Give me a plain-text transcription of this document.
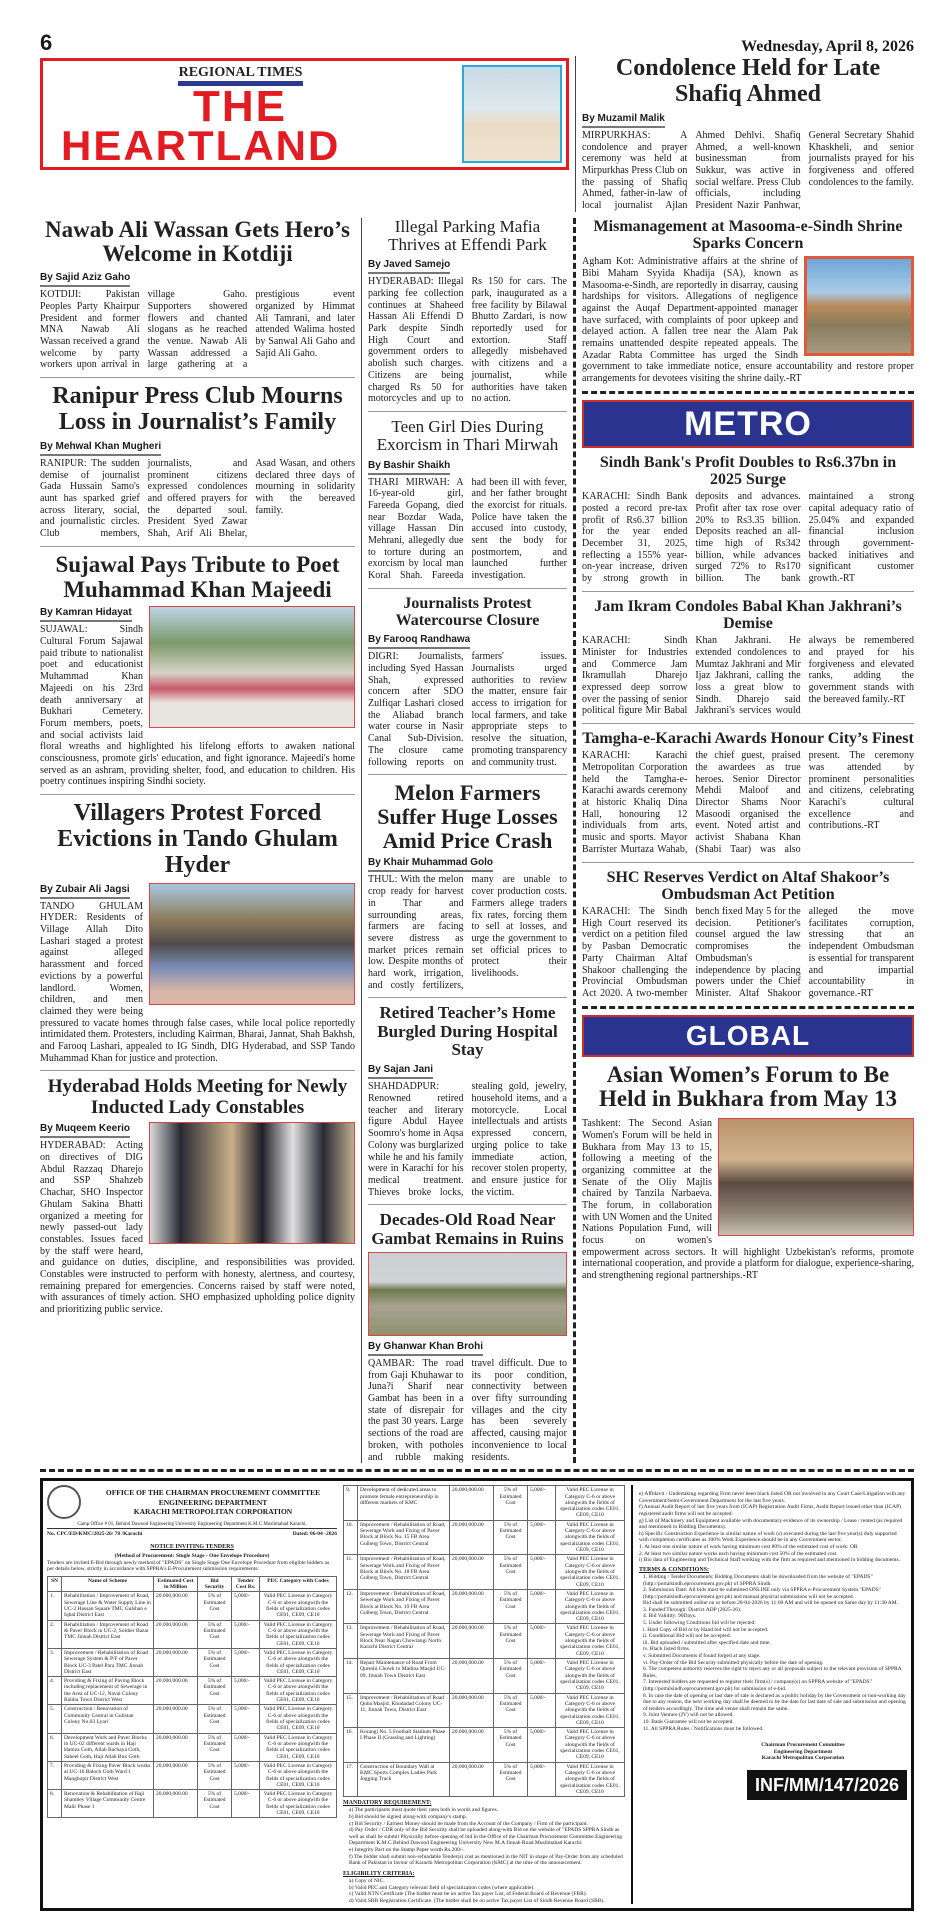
6	Wednesday, April 8, 2026
REGIONAL TIMES
THE
HEARTLAND
Condolence Held for Late Shafiq Ahmed
By Muzamil Malik
MIRPURKHAS: A condolence and prayer ceremony was held at Mirpurkhas Press Club on the passing of Shafiq Ahmed, father-in-law of local journalist Ajlan Ahmed Dehlvi. Shafiq Ahmed, a well-known businessman from Sukkur, was active in social welfare. Press Club officials, including President Nazir Panhwar, General Secretary Shahid Khaskheli, and senior journalists prayed for his forgiveness and offered condolences to the family.
Nawab Ali Wassan Gets Hero’s Welcome in Kotdiji
By Sajid Aziz Gaho
KOTDIJI: Pakistan Peoples Party Khairpur President and former MNA Nawab Ali Wassan received a grand welcome by party workers upon arrival in village Gaho. Supporters showered flowers and chanted slogans as he reached the venue. Nawab Ali Wassan addressed a large gathering at a prestigious event organized by Himmat Ali Tamrani, and later attended Walima hosted by Sanwal Ali Gaho and Sajid Ali Gaho.
Ranipur Press Club Mourns Loss in Journalist’s Family
By Mehwal Khan Mugheri
RANIPUR: The sudden demise of journalist Gada Hussain Samo's aunt has sparked grief across literary, social, and journalistic circles. Club members, journalists, and prominent citizens expressed condolences and offered prayers for the departed soul. President Syed Zawar Shah, Arif Ali Bhelar, Asad Wasan, and others declared three days of mourning in solidarity with the bereaved family.
Sujawal Pays Tribute to Poet Muhammad Khan Majeedi
By Kamran Hidayat
SUJAWAL: Sindh Cultural Forum Sajawal paid tribute to nationalist poet and educationist Muhammad Khan Majeedi on his 23rd death anniversary at Bukhari Cemetery. Forum members, poets, and social activists laid floral wreaths and highlighted his lifelong efforts to awaken national consciousness, promote girls' education, and fight ignorance. Majeedi's home served as an ashram, providing shelter, food, and education to children. His poetry continues inspiring Sindhi society.
Villagers Protest Forced Evictions in Tando Ghulam Hyder
By Zubair Ali Jagsi
TANDO GHULAM HYDER: Residents of Village Allah Dito Lashari staged a protest against alleged harassment and forced evictions by a powerful landlord. Women, children, and men claimed they were being pressured to vacate homes through false cases, while local police reportedly intimidated them. Protesters, including Kairman, Bharai, Jannat, Shah Bakhsh, and Farooq Lashari, appealed to IG Sindh, DIG Hyderabad, and SSP Tando Muhammad Khan for justice and protection.
Hyderabad Holds Meeting for Newly Inducted Lady Constables
By Muqeem Keerio
HYDERABAD: Acting on directives of DIG Abdul Razzaq Dharejo and SSP Shahzeb Chachar, SHO Inspector Ghulam Sakina Bhatti organized a meeting for newly passed-out lady constables. Issues faced by the staff were heard, and guidance on duties, discipline, and responsibilities was provided. Constables were instructed to perform with honesty, alertness, and courtesy, remaining prepared for emergencies. Concerns raised by staff were noted, with assurances of timely action. SHO emphasized upholding police dignity and prioritizing public service.
Illegal Parking Mafia Thrives at Effendi Park
By Javed Samejo
HYDERABAD: Illegal parking fee collection continues at Shaheed Hassan Ali Effendi D Park despite Sindh High Court and government orders to abolish such charges. Citizens are being charged Rs 50 for motorcycles and up to Rs 150 for cars. The park, inaugurated as a free facility by Bilawal Bhutto Zardari, is now reportedly used for extortion. Staff allegedly misbehaved with citizens and a journalist, while authorities have taken no action.
Teen Girl Dies During Exorcism in Thari Mirwah
By Bashir Shaikh
THARI MIRWAH: A 16-year-old girl, Fareeda Gopang, died near Bozdar Wada, village Hassan Din Mehrani, allegedly due to torture during an exorcism by local man Koral Shah. Fareeda had been ill with fever, and her father brought the exorcist for rituals. Police have taken the accused into custody, sent the body for postmortem, and launched further investigation.
Journalists Protest Watercourse Closure
By Farooq Randhawa
DIGRI: Journalists, including Syed Hassan Shah, expressed concern after SDO Zulfiqar Lashari closed the Aliabad branch water course in Nasir Canal Sub-Division. The closure came following reports on farmers' issues. Journalists urged authorities to review the matter, ensure fair access to irrigation for local farmers, and take appropriate steps to resolve the situation, promoting transparency and community trust.
Melon Farmers Suffer Huge Losses Amid Price Crash
By Khair Muhammad Golo
THUL: With the melon crop ready for harvest in Thar and surrounding areas, farmers are facing severe distress as market prices remain low. Despite months of hard work, irrigation, and costly fertilizers, many are unable to cover production costs. Farmers allege traders fix rates, forcing them to sell at losses, and urge the government to set official prices to protect their livelihoods.
Retired Teacher’s Home Burgled During Hospital Stay
By Sajan Jani
SHAHDADPUR: Renowned retired teacher and literary figure Abdul Hayee Soomro's home in Aqsa Colony was burglarized while he and his family were in Karachi for his medical treatment. Thieves broke locks, stealing gold, jewelry, household items, and a motorcycle. Local intellectuals and artists expressed concern, urging police to take immediate action, recover stolen property, and ensure justice for the victim.
Decades-Old Road Near Gambat Remains in Ruins
By Ghanwar Khan Brohi
QAMBAR: The road from Gaji Khuhawar to Juna?i Sharif near Gambat has been in a state of disrepair for the past 30 years. Large sections of the road are broken, with potholes and rubble making travel difficult. Due to its poor condition, connectivity between over fifty surrounding villages and the city has been severely affected, causing major inconvenience to local residents.
Mismanagement at Masooma-e-Sindh Shrine Sparks Concern
Agham Kot: Administrative affairs at the shrine of Bibi Maham Syyida Khadija (SA), known as Masooma-e-Sindh, are reportedly in disarray, causing hardships for visitors. Allegations of negligence against the Auqaf Department-appointed manager have surfaced, with complaints of poor upkeep and delayed action. A fallen tree near the Alam Pak remains unattended despite repeated appeals. The Azadar Rabta Committee has urged the Sindh government to take immediate notice, ensure accountability and restore proper arrangements for devotees visiting the shrine daily.-RT
METRO
Sindh Bank's Profit Doubles to Rs6.37bn in 2025 Surge
KARACHI: Sindh Bank posted a record pre-tax profit of Rs6.37 billion for the year ended December 31, 2025, reflecting a 155% year-on-year increase, driven by strong growth in deposits and advances. Profit after tax rose over 20% to Rs3.35 billion. Deposits reached an all-time high of Rs342 billion, while advances surged 72% to Rs170 billion. The bank maintained a strong capital adequacy ratio of 25.04% and expanded financial inclusion through government-backed initiatives and significant customer growth.-RT
Jam Ikram Condoles Babal Khan Jakhrani’s Demise
KARACHI: Sindh Minister for Industries and Commerce Jam Ikramullah Dharejo expressed deep sorrow over the passing of senior political figure Mir Babal Khan Jakhrani. He extended condolences to Mumtaz Jakhrani and Mir Ijaz Jakhrani, calling the loss a great blow to Sindh. Dharejo said Jakhrani's services would always be remembered and prayed for his forgiveness and elevated ranks, adding the government stands with the bereaved family.-RT
Tamgha-e-Karachi Awards Honour City’s Finest
KARACHI: Karachi Metropolitan Corporation held the Tamgha-e-Karachi awards ceremony at historic Khaliq Dina Hall, honouring 12 individuals from arts, music and sports. Mayor Barrister Murtaza Wahab, the chief guest, praised the awardees as true heroes. Senior Director Mehdi Maloof and Director Shams Noor Masoodi organised the event. Noted artist and activist Shabana Khan (Shabi Taar) was also present. The ceremony was attended by prominent personalities and citizens, celebrating Karachi's cultural excellence and contributions.-RT
SHC Reserves Verdict on Altaf Shakoor’s Ombudsman Act Petition
KARACHI: The Sindh High Court reserved its verdict on a petition filed by Pasban Democratic Party Chairman Altaf Shakoor challenging the Provincial Ombudsman Act 2020. A two-member bench fixed May 5 for the decision. Petitioner's counsel argued the law compromises the Ombudsman's independence by placing powers under the Chief Minister. Altaf Shakoor alleged the move facilitates corruption, stressing that an independent Ombudsman is essential for transparent and impartial accountability in governance.-RT
GLOBAL
Asian Women’s Forum to Be Held in Bukhara from May 13
Tashkent: The Second Asian Women's Forum will be held in Bukhara from May 13 to 15, following a meeting of the organizing committee at the Senate of the Oliy Majlis chaired by Tanzila Narbaeva. The forum, in collaboration with UN Women and the United Nations Population Fund, will focus on women's empowerment across sectors. It will highlight Uzbekistan's reforms, promote international cooperation, and provide a platform for dialogue, experience-sharing, and strengthening regional partnerships.-RT
OFFICE OF THE CHAIRMAN PROCUREMENT COMMITTEE
ENGINEERING DEPARTMENT
KARACHI METROPOLITAN CORPORATION
Camp Office # 01, Behind Dawood Engineering University Engineering Department K.M.C Muslimabad Karachi.
No. CPC/ED/KMC/2025-26/ 78 /Karachi	Dated: 06-04 -2026
NOTICE INVITING TENDERS
(Method of Procurement: Single Stage - One Envelope Procedure)
Tenders are invited E-Bid through newly method of "EPADS" on Single Stage One Envelope Procedure from eligible bidders as per details below, strictly in accordance with SPPRA's E-Procurement submission requirements:
SN	Name of Scheme	Estimated Cost in Million	Bid Security	Tender Cost Rs.	PEC Category with Codes
1.	Rehabilitation / Improvement of Road, Sewerage Line & Water Supply Line in UC-2 Hassan Square TMC Gulshan e Iqbal District East	20,000,000.00	5% of Estimated Cost	5,000/-	Valid PEC License in Category C-6 or above alongwith the fields of specialization codes CE01, CE09, CE10
2.	Rehabilitation / Improvement of Road & Paver Block in UC-2, Soldier Bazar TMC Jinnah District East	20,000,000.00	5% of Estimated Cost	5,000/-	Valid PEC License in Category C-6 or above alongwith the fields of specialization codes CE01, CE09, CE10
3.	Improvement / Rehabilitation of Road Sewerage System & P/F of Paver Block UC-3 Patel Para TMC Jinnah District East	20,000,000.00	5% of Estimated Cost	5,000/-	Valid PEC License in Category C-6 or above alongwith the fields of specialization codes CE01, CE09, CE10
4.	Providing & Fixing of Paving Block including replacement of Sewerage in the Area of UC-12, Naval Colony Baldia Town District West	20,000,000.00	5% of Estimated Cost	5,000/-	Valid PEC License in Category C-6 or above alongwith the fields of specialization codes CE01, CE09, CE10
5.	Construction / Renovation of Community Central in Gulistan Colony No.03 Lyari	20,000,000.00	5% of Estimated Cost	5,000/-	Valid PEC License in Category C-6 or above alongwith the fields of specialization codes CE01, CE09, CE10
6.	Development Work and Paver Blocks in UC-02 different wards in Haji Hamza Goth, Allah Bachaya Goth, Sabeel Goth, Haji Allah Bux Goth	20,000,000.00	5% of Estimated Cost	5,000/-	Valid PEC License in Category C-6 or above alongwith the fields of specialization codes CE01, CE09, CE10
7.	Providing & Fixing Paver Block works at UC-16 Baloch Goth Ward 1 Manghopir District West	20,000,000.00	5% of Estimated Cost	5,000/-	Valid PEC License in Category C-6 or above alongwith the fields of specialization codes CE01, CE09, CE10
8.	Renovation & Rehabilitation of Haji Shambey Village Community Centre Malir Phase 1	20,000,000.00	5% of Estimated Cost	5,000/-	Valid PEC License in Category C-6 or above alongwith the fields of specialization codes CE01, CE09, CE10
9.	Development of dedicated areas to promote female entrepreneurship in different markets of KMC	20,000,000.00	5% of Estimated Cost	5,000/-	Valid PEC License in Category C-6 or above alongwith the fields of specialization codes CE01, CE09, CE10
10.	Improvement / Rehabilitation of Road, Sewerage Work and Fixing of Paver Block at Block No. 15 FB Area Gulberg Town, District Central	20,000,000.00	5% of Estimated Cost	5,000/-	Valid PEC License in Category C-6 or above alongwith the fields of specialization codes CE01, CE09, CE10
11.	Improvement / Rehabilitation of Road, Sewerage Work and Fixing of Paver Block at Block No. 18 FB Area Gulberg Town, District Central	20,000,000.00	5% of Estimated Cost	5,000/-	Valid PEC License in Category C-6 or above alongwith the fields of specialization codes CE01, CE09, CE10
12.	Improvement / Rehabilitation of Road, Sewerage Work and Fixing of Paver Block at Block No. 19 FB Area Gulberg Town, District Central	20,000,000.00	5% of Estimated Cost	5,000/-	Valid PEC License in Category C-6 or above alongwith the fields of specialization codes CE01, CE09, CE10
13.	Improvement / Rehabilitation of Road, Sewerage Work and Fixing of Paver Block Near Nagan Chowrangi North Karachi District Central	20,000,000.00	5% of Estimated Cost	5,000/-	Valid PEC License in Category C-6 or above alongwith the fields of specialization codes CE01, CE09, CE10
14.	Repair Maintenance of Road From Qureshi Chowk to Madina Masjid UC-09, Jinnah Town District East	20,000,000.00	5% of Estimated Cost	5,000/-	Valid PEC License in Category C-6 or above alongwith the fields of specialization codes CE01, CE09, CE10
15.	Improvement / Rehabilitation of Road Quba Masjid, Khudadad Colony UC-11, Jinnah Town, District East	20,000,000.00	5% of Estimated Cost	5,000/-	Valid PEC License in Category C-6 or above alongwith the fields of specialization codes CE01, CE09, CE10
16.	Korangi No. 5 Football Stadium Phase I Phase II (Grassing and Lighting)	20,000,000.00	5% of Estimated Cost	5,000/-	Valid PEC License in Category C-6 or above alongwith the fields of specialization codes CE01, CE09, CE10
17.	Construction of Boundary Wall at KMC Sports Complex Ladies Park Jogging Track	20,000,000.00	5% of Estimated Cost	5,000/-	Valid PEC License in Category C-6 or above alongwith the fields of specialization codes CE01, CE09, CE10
MANDATORY REQUIREMENT:
a) The participants must quote their rates both in words and figures.
b) Bid should be signed along-with company's stamp.
c) Bid Security / Earnest Money should be made from the Account of the Company / Firm of the participant.
d) Pay Order / CDR only of the Bid Security shall be uploaded along-with Bid on the website of "EPADS SPPRA Sindh as well as shall be submit Physically before opening of bid in the Office of the Chairman Procurement Committee Engineering Department K.M.C Behind Dawood Engineering University New M.A Jinnah Road Muslimabad Karachi.
e) Integrity Pact on the Stamp Paper worth Rs.200/-.
f) The bidder shall submit non-refundable Tender(s) cost as mentioned in the NIT in shape of Pay-Order from any scheduled Bank of Pakistan in favour of Karachi Metropolitan Corporation (KMC) at the time of the announcement.
ELIGIBILITY CRITERIA:
a) Copy of NIC.
b) Valid PEC and Category relevant field of specialization codes (where applicable).
c) Valid NTN Certificate (The bidder must be on active Tax payer List, of Federal Board of Revenue (FBR).
d) Valid SRB Registration Certificate. (The bidder shall be on active Tax payer List of Sindh Revenue Board (SRB).
e) Affidavit / Undertaking regarding Firm never been black listed OR not involved in any Court Case/Litigation with any Government/Semi-Government Department for the last five years.
f) Annual Audit Report of last five years from (ICAP) Registration Audit Firms, Audit Report issued other than (ICAP) registered audit firms will not be accepted.
g) List of Machinery and Equipment available with documentary evidence of its ownership / Lease / rented (as required and mentioned in Bidding Documents).
h) Specific Construction Experience in similar nature of work (s) executed during the last five year(s) duly supported with completion certificates as 100% Work Experience should be in any Government sector.
1. At least one similar nature of work having minimum cost 80% of the estimated cost of work: OR
2. At least two similar nature works each having minimum cost 50% of the estimated cost
i) Bio data of Engineering and Technical Staff working with the firm as required and mentioned in bidding documents.
TERMS & CONDITIONS:
1. Bidding / Tender Documents: Bidding Documents shall be downloaded from the website of "EPADS" (http://portalsindh.eprocurement.gov.pk) of SPPRA Sindh.
2. Submission Date: All bids must be submitted ONLINE only via SPPRA e-Procurement System "EPADS" (http://portalsindh.eprocurement.gov.pk) and manual physical submissions will not be accepted.
Bid shall be submitted online on or before 28-04-2026 by 11:00 AM and will be opened on Same day by 11:30 AM.
3. Funded Through: District ADP (2025-26).
4. Bid Validity: 90Days.
5. Under following Conditions bid will be rejected:
i. Hard Copy of Bid or by Hand bid will not be accepted.
ii. Conditional Bid will not be accepted.
iii. Bid uploaded / submitted after specified date and time.
iv. Black listed firms.
v. Submitted Documents if found forged at any stage.
vi. Pay-Order of the Bid Security submitted physically before the date of opening.
6. The competent authority reserves the right to reject any or all proposals subject to the relevant provision of SPPRA Rules.
7. Interested bidders are requested to register their firm(s) / company(s) on SPPRA website of "EPADS" (http://portalsindh.eprocurement.gov.pk) for submission of e-bid.
8. In case the date of opening or last date of sale is declared as a public holiday by the Government or non-working day due to any reason, the next working day shall be deemed to be the date for last date of sale and submission and opening of tenders accordingly. The time and venue shall remain the same.
9. Joint Venture (JV) will not be allowed.
10. Bank Guarantee will not be accepted.
11. All SPPRA Rules / Notifications must be followed.
Chairman Procurement Committee
Engineering Department
Karachi Metropolitan Corporation
INF/MM/147/2026
